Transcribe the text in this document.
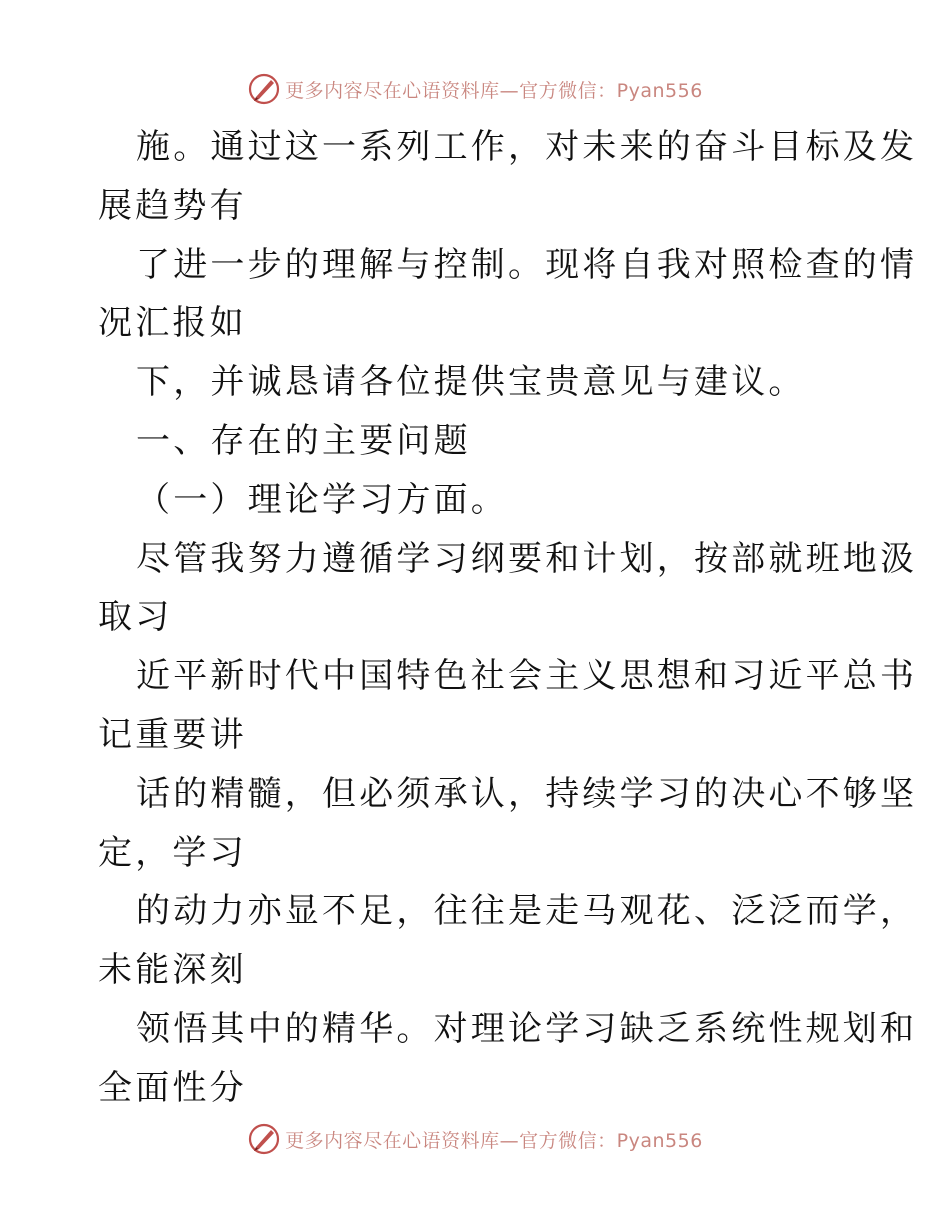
更多内容尽在心语资料库—官方微信：Pyan556

施。通过这一系列工作，对未来的奋斗目标及发

展趋势有

了进一步的理解与控制。现将自我对照检查的情

况汇报如

下，并诚恳请各位提供宝贵意见与建议。

一、存在的主要问题

（一）理论学习方面。

尽管我努力遵循学习纲要和计划，按部就班地汲

取习

近平新时代中国特色社会主义思想和习近平总书

记重要讲

话的精髓，但必须承认，持续学习的决心不够坚

定，学习

的动力亦显不足，往往是走马观花、泛泛而学，

未能深刻

领悟其中的精华。对理论学习缺乏系统性规划和

全面性分

更多内容尽在心语资料库—官方微信：Pyan556
